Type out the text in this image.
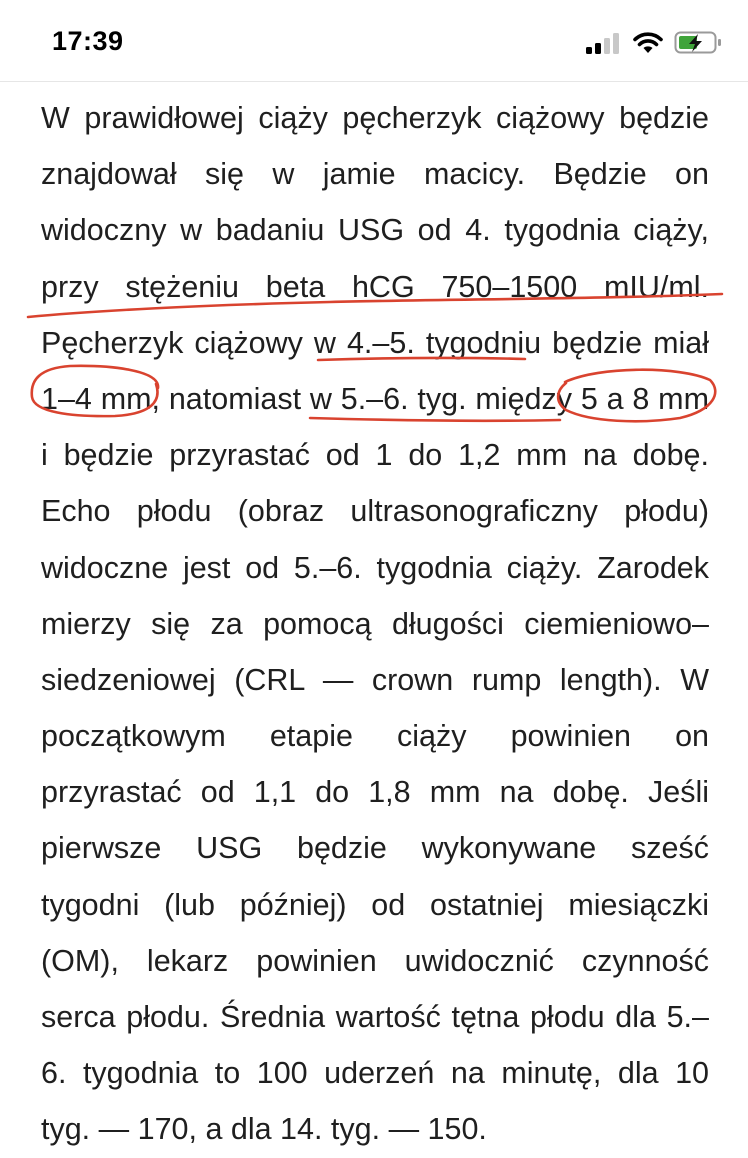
17:39
W prawidłowej ciąży pęcherzyk ciążowy będzie
znajdował się w jamie macicy. Będzie on
widoczny w badaniu USG od 4. tygodnia ciąży,
przy stężeniu beta hCG 750–1500 mIU/ml.
Pęcherzyk ciążowy w 4.–5. tygodniu będzie miał
1–4 mm, natomiast w 5.–6. tyg. między 5 a 8 mm
i będzie przyrastać od 1 do 1,2 mm na dobę.
Echo płodu (obraz ultrasonograficzny płodu)
widoczne jest od 5.–6. tygodnia ciąży. Zarodek
mierzy się za pomocą długości ciemieniowo–
siedzeniowej (CRL — crown rump length). W
początkowym etapie ciąży powinien on
przyrastać od 1,1 do 1,8 mm na dobę. Jeśli
pierwsze USG będzie wykonywane sześć
tygodni (lub później) od ostatniej miesiączki
(OM), lekarz powinien uwidocznić czynność
serca płodu. Średnia wartość tętna płodu dla 5.–
6. tygodnia to 100 uderzeń na minutę, dla 10
tyg. — 170, a dla 14. tyg. — 150.
